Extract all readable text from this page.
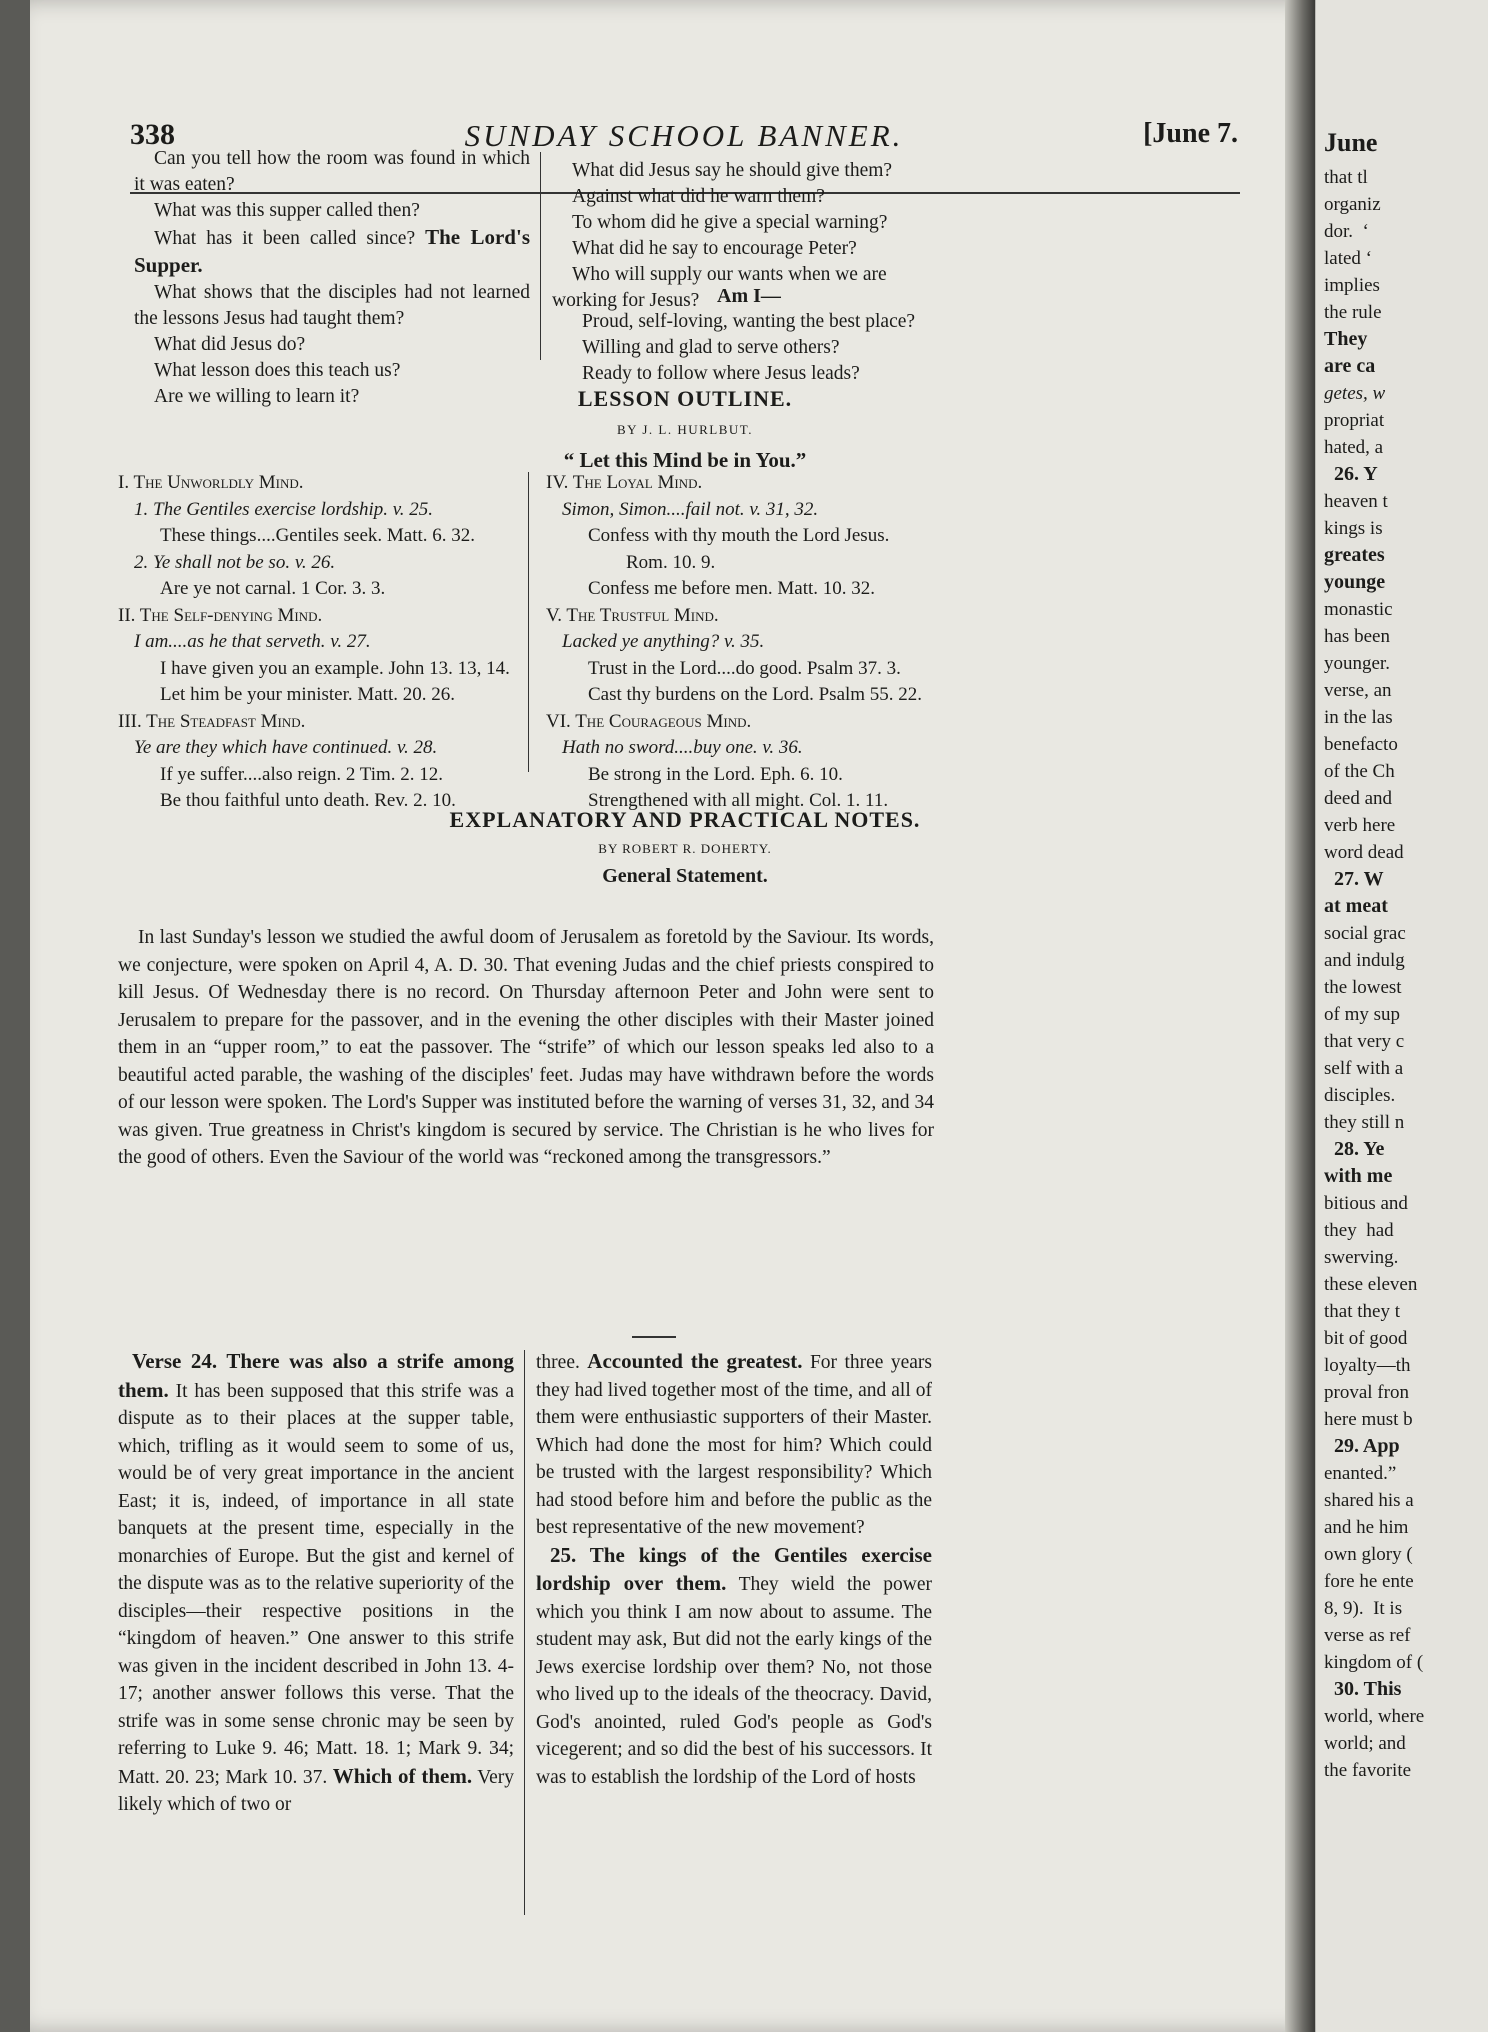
338	SUNDAY SCHOOL BANNER.	[June 7.

Can you tell how the room was found in which it was eaten?

What was this supper called then?

What has it been called since? The Lord's Supper.

What shows that the disciples had not learned the lessons Jesus had taught them?

What did Jesus do?

What lesson does this teach us?

Are we willing to learn it?

What did Jesus say he should give them?

Against what did he warn them?

To whom did he give a special warning?

What did he say to encourage Peter?

Who will supply our wants when we are working for Jesus? Am I—
Proud, self-loving, wanting the best place?
Willing and glad to serve others?
Ready to follow where Jesus leads?
LESSON OUTLINE.
BY J. L. HURLBUT.
“ Let this Mind be in You.”
I. The Unworldly Mind.
1. The Gentiles exercise lordship. v. 25.
These things....Gentiles seek. Matt. 6. 32.
2. Ye shall not be so. v. 26.
Are ye not carnal. 1 Cor. 3. 3.
II. The Self-denying Mind.
I am....as he that serveth. v. 27.
I have given you an example. John 13. 13, 14.
Let him be your minister. Matt. 20. 26.
III. The Steadfast Mind.
Ye are they which have continued. v. 28.
If ye suffer....also reign. 2 Tim. 2. 12.
Be thou faithful unto death. Rev. 2. 10.
IV. The Loyal Mind.
Simon, Simon....fail not. v. 31, 32.
Confess with thy mouth the Lord Jesus.
Rom. 10. 9.
Confess me before men. Matt. 10. 32.
V. The Trustful Mind.
Lacked ye anything? v. 35.
Trust in the Lord....do good. Psalm 37. 3.
Cast thy burdens on the Lord. Psalm 55. 22.
VI. The Courageous Mind.
Hath no sword....buy one. v. 36.
Be strong in the Lord. Eph. 6. 10.
Strengthened with all might. Col. 1. 11.
EXPLANATORY AND PRACTICAL NOTES.
BY ROBERT R. DOHERTY.
General Statement.

In last Sunday's lesson we studied the awful doom of Jerusalem as foretold by the Saviour. Its words, we conjecture, were spoken on April 4, A. D. 30. That evening Judas and the chief priests conspired to kill Jesus. Of Wednesday there is no record. On Thursday afternoon Peter and John were sent to Jerusalem to prepare for the passover, and in the evening the other disciples with their Master joined them in an “upper room,” to eat the passover. The “strife” of which our lesson speaks led also to a beautiful acted parable, the washing of the disciples' feet. Judas may have withdrawn before the words of our lesson were spoken. The Lord's Supper was instituted before the warning of verses 31, 32, and 34 was given. True greatness in Christ's kingdom is secured by service. The Christian is he who lives for the good of others. Even the Saviour of the world was “reckoned among the transgressors.”

Verse 24. There was also a strife among them. It has been supposed that this strife was a dispute as to their places at the supper table, which, trifling as it would seem to some of us, would be of very great importance in the ancient East; it is, indeed, of importance in all state banquets at the present time, especially in the monarchies of Europe. But the gist and kernel of the dispute was as to the relative superiority of the disciples—their respective positions in the “kingdom of heaven.” One answer to this strife was given in the incident described in John 13. 4-17; another answer follows this verse. That the strife was in some sense chronic may be seen by referring to Luke 9. 46; Matt. 18. 1; Mark 9. 34; Matt. 20. 23; Mark 10. 37. Which of them. Very likely which of two or

three. Accounted the greatest. For three years they had lived together most of the time, and all of them were enthusiastic supporters of their Master. Which had done the most for him? Which could be trusted with the largest responsibility? Which had stood before him and before the public as the best representative of the new movement?

25. The kings of the Gentiles exercise lordship over them. They wield the power which you think I am now about to assume. The student may ask, But did not the early kings of the Jews exercise lordship over them? No, not those who lived up to the ideals of the theocracy. David, God's anointed, ruled God's people as God's vicegerent; and so did the best of his successors. It was to establish the lordship of the Lord of hosts

June
that tl
organiz
dor.  ‘
lated ‘
implies
the rule
They
are ca
getes, w
propriat
hated, a
26. Y
heaven t
kings is
greates
younge
monastic
has been
younger.
verse, an
in the las
benefacto
of the Ch
deed and
verb here
word dead
27. W
at meat
social grac
and indulg
the lowest
of my sup
that very c
self with a
disciples.
they still n
28. Ye
with me
bitious and
they  had
swerving.
these eleven
that they t
bit of good
loyalty—th
proval fron
here must b
29. App
enanted.”
shared his a
and he him
own glory (
fore he ente
8, 9).  It is
verse as ref
kingdom of (
30. This
world, where
world; and
the favorite
